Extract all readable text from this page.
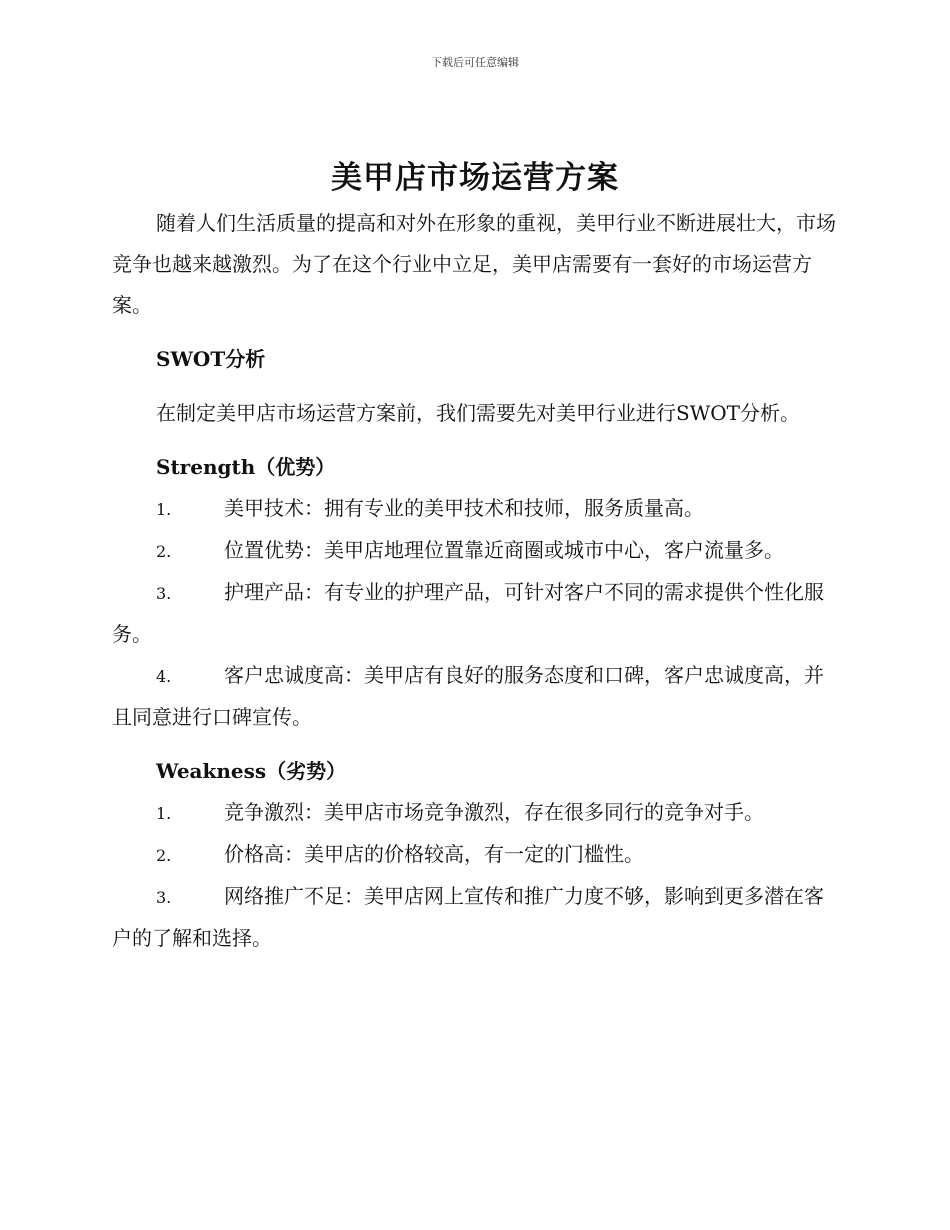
下载后可任意编辑
美甲店市场运营方案

随着人们生活质量的提高和对外在形象的重视，美甲行业不断进展壮大，市场竞争也越来越激烈。为了在这个行业中立足，美甲店需要有一套好的市场运营方案。

SWOT分析

在制定美甲店市场运营方案前，我们需要先对美甲行业进行SWOT分析。

Strength（优势）

1.	美甲技术：拥有专业的美甲技术和技师，服务质量高。

2.	位置优势：美甲店地理位置靠近商圈或城市中心，客户流量多。

3.	护理产品：有专业的护理产品，可针对客户不同的需求提供个性化服务。

4.	客户忠诚度高：美甲店有良好的服务态度和口碑，客户忠诚度高，并且同意进行口碑宣传。

Weakness（劣势）

1.	竞争激烈：美甲店市场竞争激烈，存在很多同行的竞争对手。

2.	价格高：美甲店的价格较高，有一定的门槛性。

3.	网络推广不足：美甲店网上宣传和推广力度不够，影响到更多潜在客户的了解和选择。
